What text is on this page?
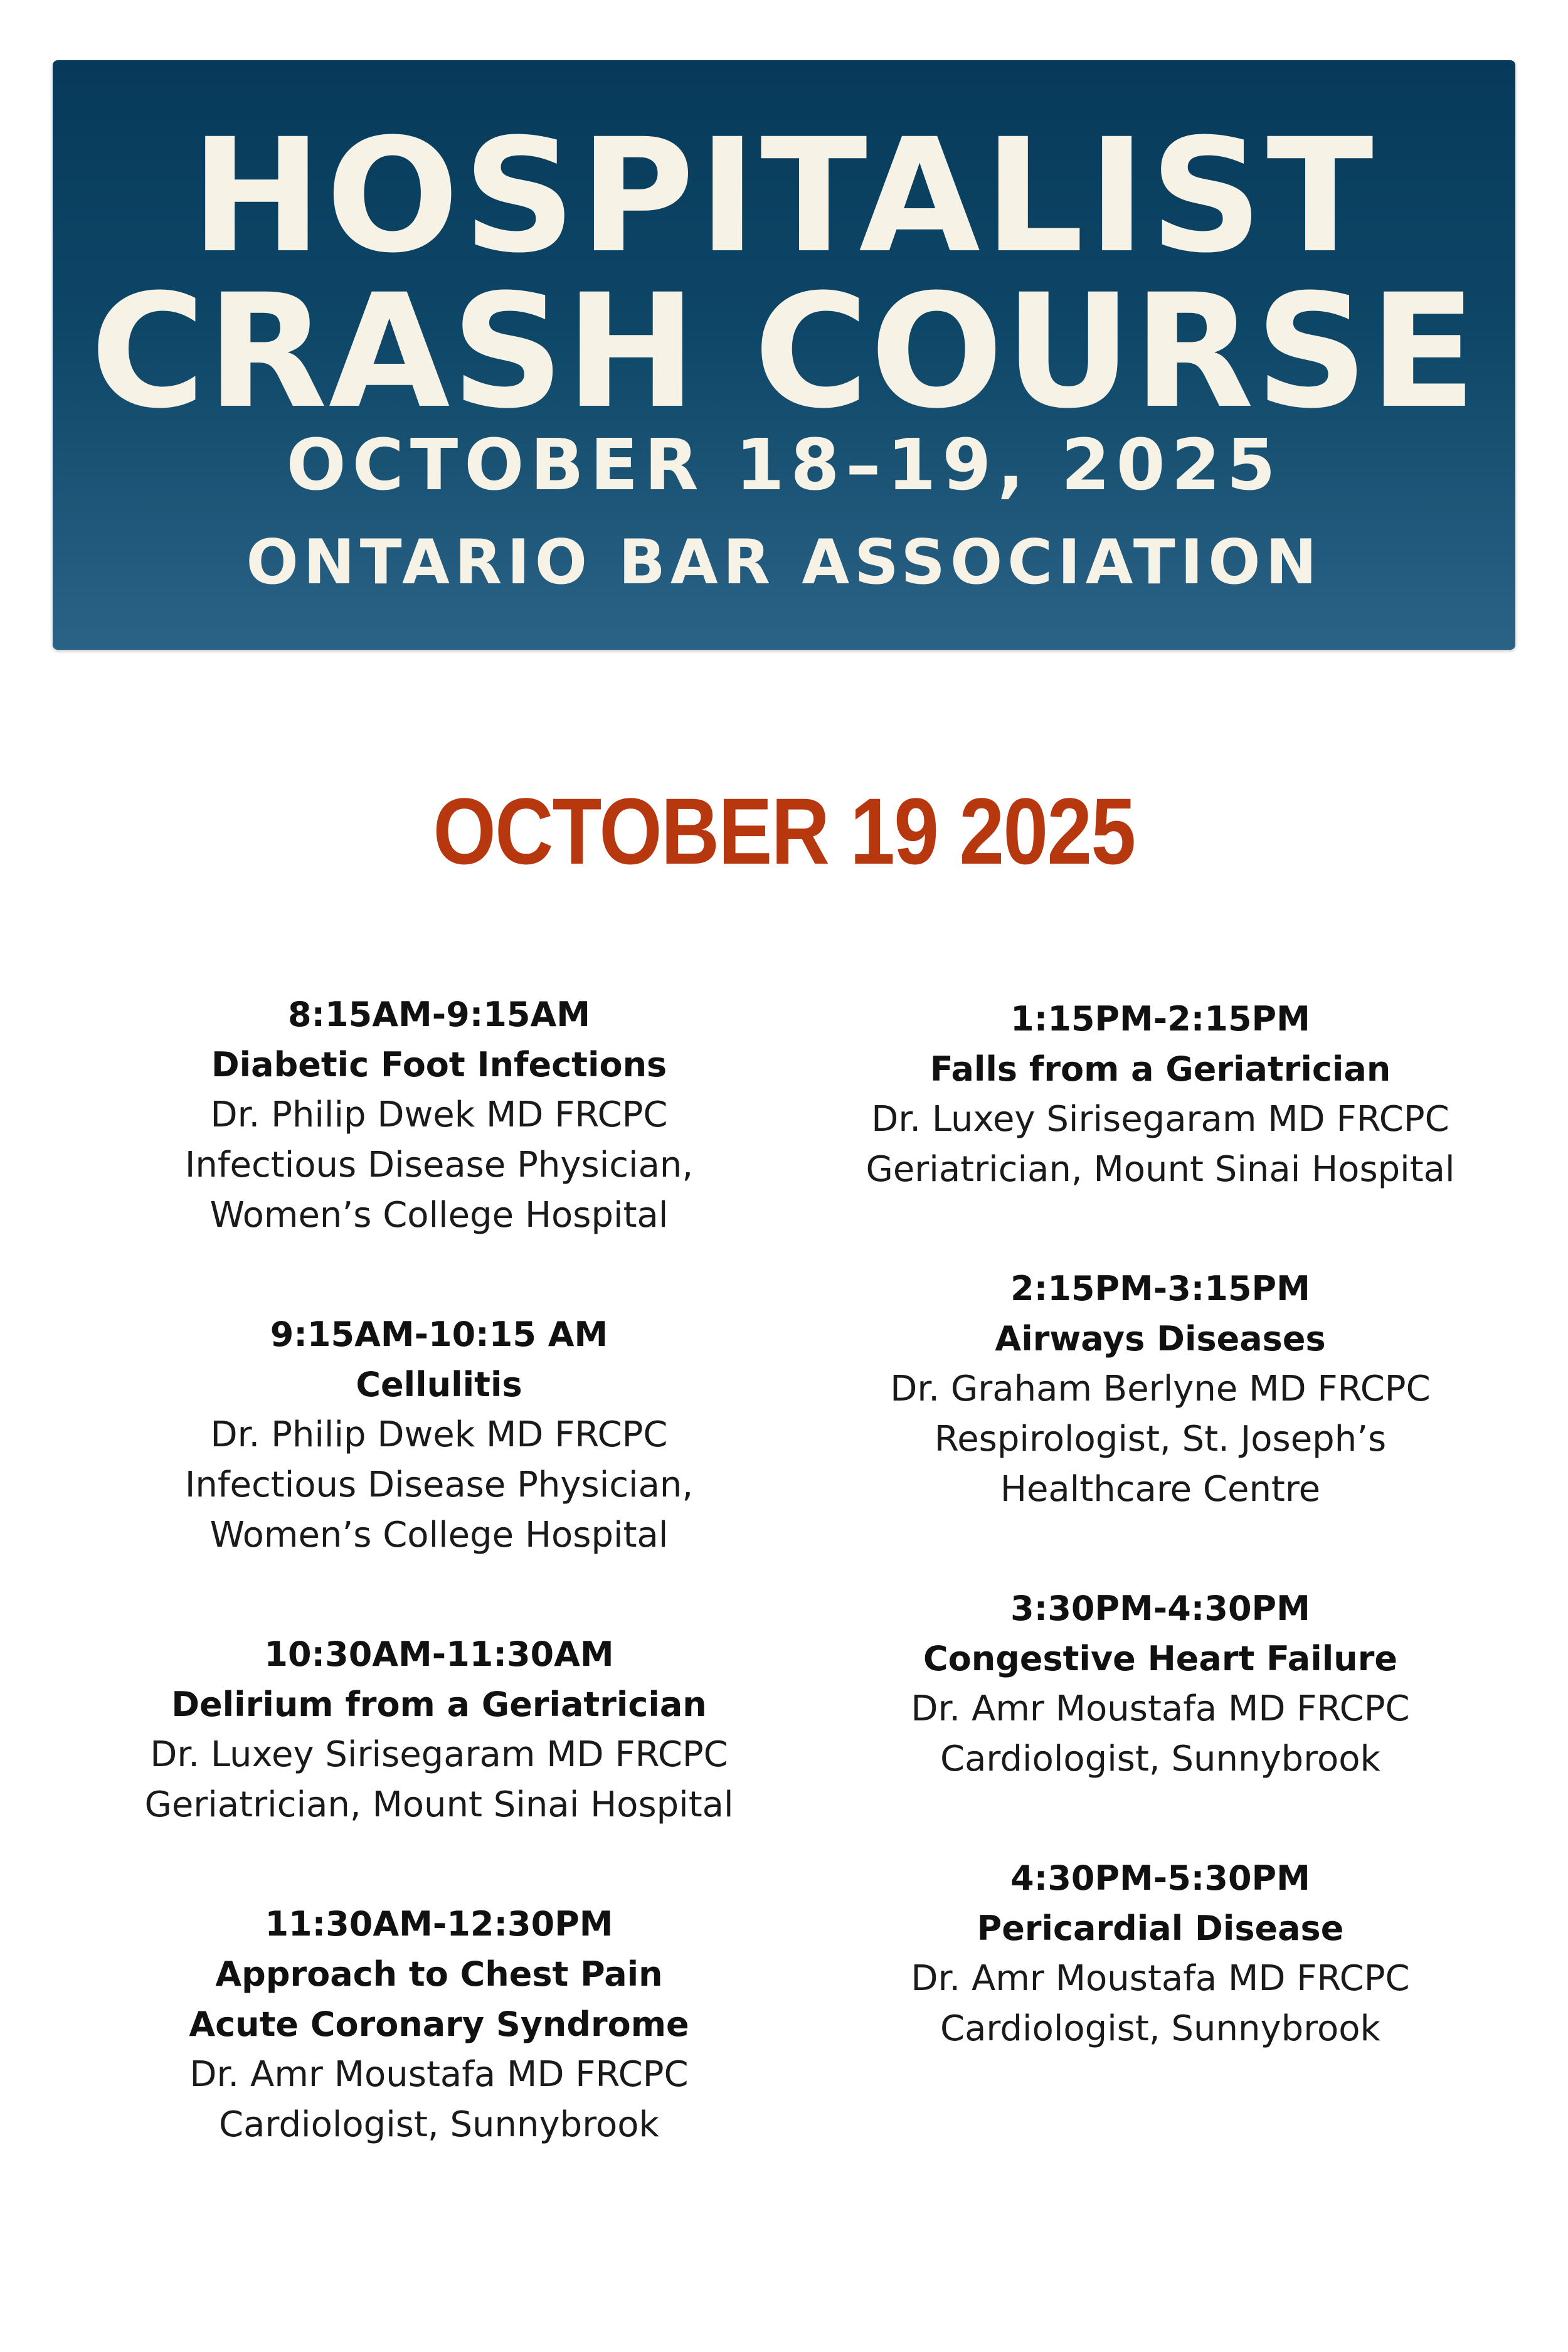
HOSPITALIST
CRASH COURSE
OCTOBER 18–19, 2025
ONTARIO BAR ASSOCIATION
OCTOBER 19 2025
8:15AM-9:15AM
Diabetic Foot Infections
Dr. Philip Dwek MD FRCPC
Infectious Disease Physician, Women’s College Hospital
9:15AM-10:15 AM
Cellulitis
Dr. Philip Dwek MD FRCPC
Infectious Disease Physician, Women’s College Hospital
10:30AM-11:30AM
Delirium from a Geriatrician
Dr. Luxey Sirisegaram MD FRCPC
Geriatrician, Mount Sinai Hospital
11:30AM-12:30PM
Approach to Chest Pain
Acute Coronary Syndrome
Dr. Amr Moustafa MD FRCPC
Cardiologist, Sunnybrook
1:15PM-2:15PM
Falls from a Geriatrician
Dr. Luxey Sirisegaram MD FRCPC
Geriatrician, Mount Sinai Hospital
2:15PM-3:15PM
Airways Diseases
Dr. Graham Berlyne MD FRCPC
Respirologist, St. Joseph’s Healthcare Centre
3:30PM-4:30PM
Congestive Heart Failure
Dr. Amr Moustafa MD FRCPC
Cardiologist, Sunnybrook
4:30PM-5:30PM
Pericardial Disease
Dr. Amr Moustafa MD FRCPC
Cardiologist, Sunnybrook
